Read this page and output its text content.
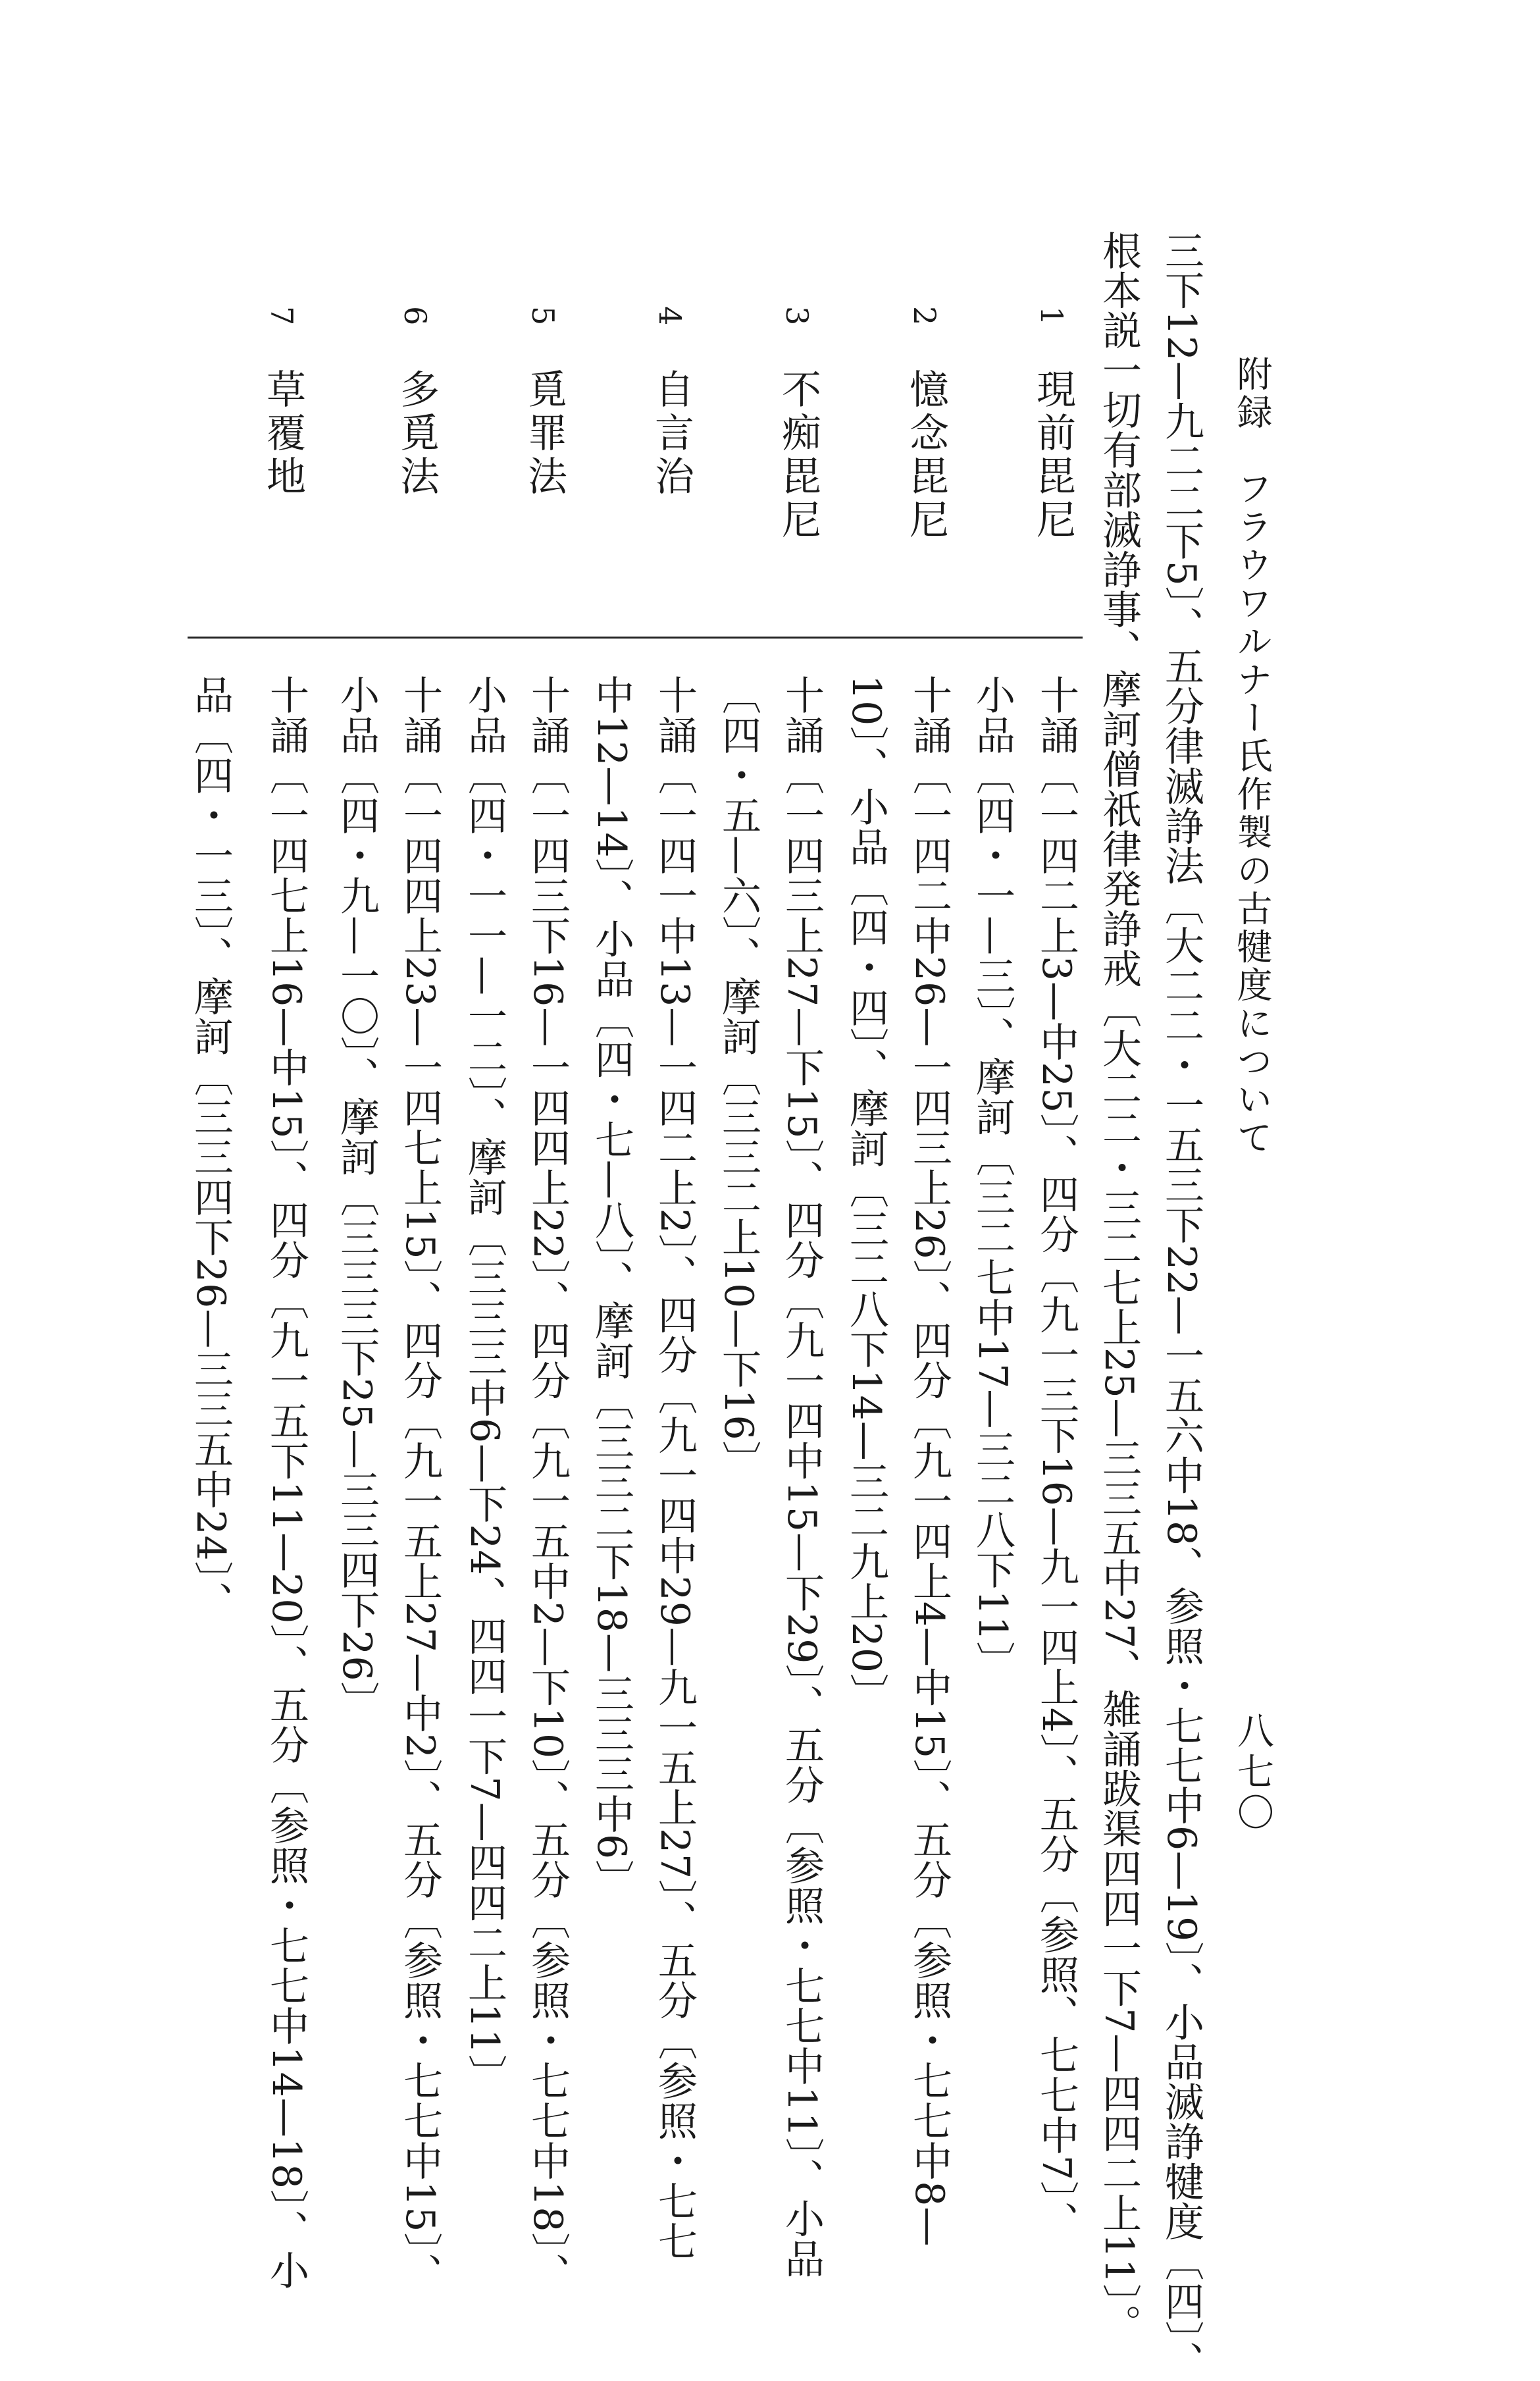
附録　フラウワルナー氏作製の古犍度について
八七〇
三下12—九二二下5〕、五分律滅諍法〔大二二・一五三下22—一五六中18、参照・七七中6—19〕、小品滅諍犍度〔四〕、
根本説一切有部滅諍事、摩訶僧祇律発諍戒〔大二二・三二七上25—三三五中27、雑誦跋渠四四一下7—四四二上11〕。
1
現前毘尼
2
憶念毘尼
3
不痴毘尼
4
自言治
5
覓罪法
6
多覓法
7
草覆地
十誦〔一四二上3—中25〕、四分〔九一三下16—九一四上4〕、五分〔参照、七七中7〕、
小品〔四・一—三〕、摩訶〔三二七中17—三二八下11〕
十誦〔一四二中26—一四三上26〕、四分〔九一四上4—中15〕、五分〔参照・七七中8—
10〕、小品〔四・四〕、摩訶〔三二八下14—三二九上20〕
十誦〔一四三上27—下15〕、四分〔九一四中15—下29〕、五分〔参照・七七中11〕、小品
〔四・五—六〕、摩訶〔三三二上10—下16〕
十誦〔一四一中13—一四二上2〕、四分〔九一四中29—九一五上27〕、五分〔参照・七七
中12—14〕、小品〔四・七—八〕、摩訶〔三三二下18—三三三中6〕
十誦〔一四三下16—一四四上22〕、四分〔九一五中2—下10〕、五分〔参照・七七中18〕、
小品〔四・一一—一二〕、摩訶〔三三三中6—下24、四四一下7—四四二上11〕
十誦〔一四四上23—一四七上15〕、四分〔九一五上27—中2〕、五分〔参照・七七中15〕、
小品〔四・九—一〇〕、摩訶〔三三三下25—三三四下26〕
十誦〔一四七上16—中15〕、四分〔九一五下11—20〕、五分〔参照・七七中14—18〕、小
品〔四・一三〕、摩訶〔三三四下26—三三五中24〕、
